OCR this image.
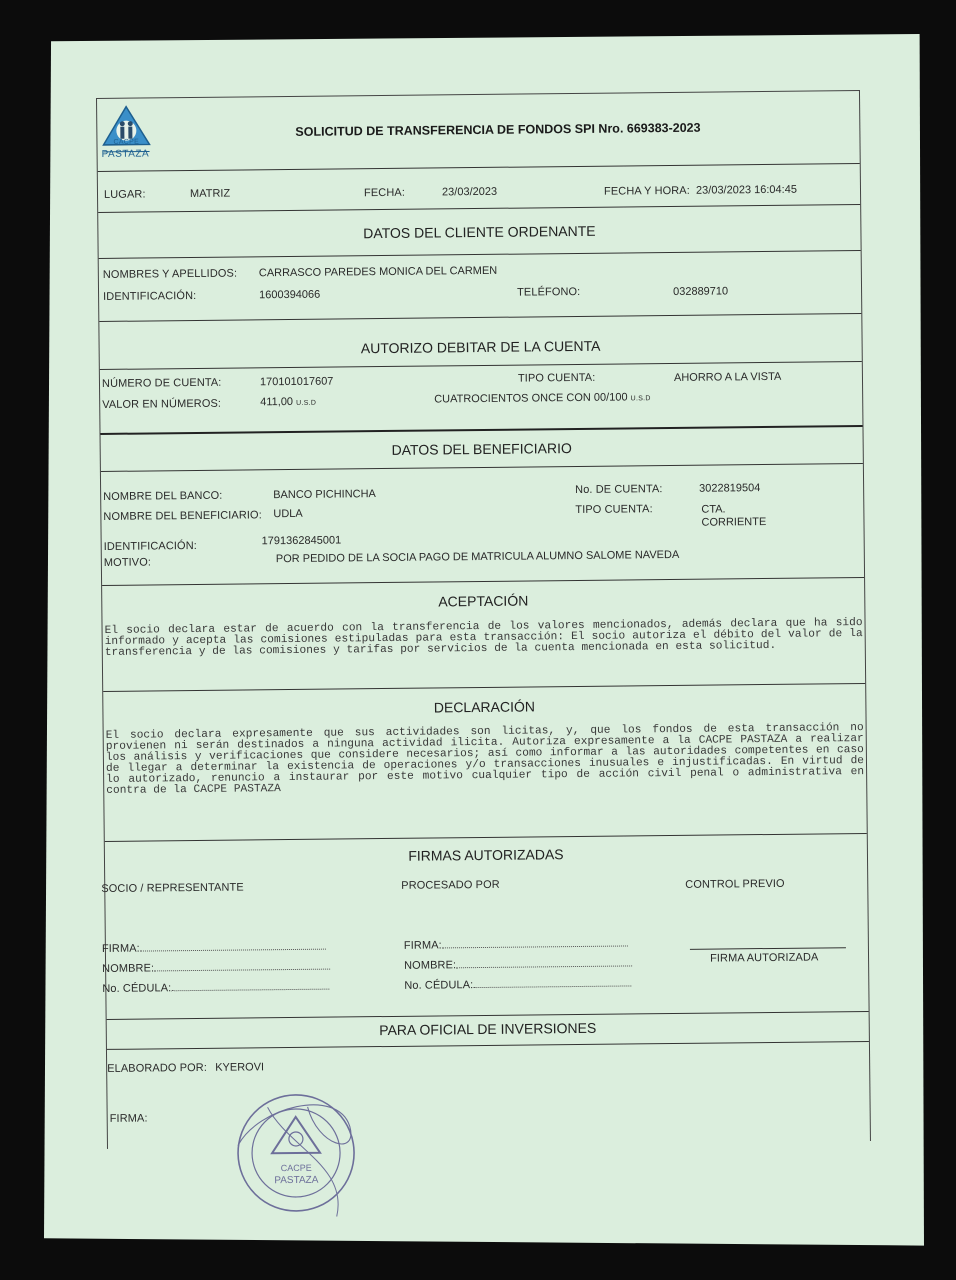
CACPE
PASTAZA
SOLICITUD DE TRANSFERENCIA DE FONDOS SPI Nro. 669383-2023
LUGAR:	MATRIZ	FECHA:	23/03/2023	FECHA Y HORA: 23/03/2023 16:04:45
DATOS DEL CLIENTE ORDENANTE
NOMBRES Y APELLIDOS: CARRASCO PAREDES MONICA DEL CARMEN
IDENTIFICACIÓN:	1600394066	TELÉFONO:	032889710
AUTORIZO DEBITAR DE LA CUENTA
NÚMERO DE CUENTA:	170101017607	TIPO CUENTA:	AHORRO A LA VISTA
VALOR EN NÚMEROS:	411,00 U.S.D	CUATROCIENTOS ONCE CON 00/100 U.S.D
DATOS DEL BENEFICIARIO
NOMBRE DEL BANCO:	BANCO PICHINCHA	No. DE CUENTA:	3022819504
NOMBRE DEL BENEFICIARIO: UDLA	TIPO CUENTA:	CTA.
CORRIENTE
IDENTIFICACIÓN:	1791362845001
MOTIVO:	POR PEDIDO DE LA SOCIA PAGO DE MATRICULA ALUMNO SALOME NAVEDA
ACEPTACIÓN
El socio declara estar de acuerdo con la transferencia de los valores mencionados, además declara que ha sido informado y acepta las comisiones estipuladas para esta transacción: El socio autoriza el débito del valor de la transferencia y de las comisiones y tarifas por servicios de la cuenta mencionada en esta solicitud.
DECLARACIÓN
El socio declara expresamente que sus actividades son licitas, y, que los fondos de esta transacción no provienen ni serán destinados a ninguna actividad ilicita. Autoriza expresamente a la CACPE PASTAZA a realizar los análisis y verificaciones que considere necesarios; así como informar a las autoridades competentes en caso de llegar a determinar la existencia de operaciones y/o transacciones inusuales e injustificadas. En virtud de lo autorizado, renuncio a instaurar por este motivo cualquier tipo de acción civil penal o administrativa en contra de la CACPE PASTAZA
FIRMAS AUTORIZADAS
SOCIO / REPRESENTANTE	PROCESADO POR	CONTROL PREVIO
FIRMA:
NOMBRE:
No. CÉDULA:
FIRMA:
NOMBRE:
No. CÉDULA:
FIRMA AUTORIZADA
PARA OFICIAL DE INVERSIONES
ELABORADO POR: KYEROVI
FIRMA:
CACPE
PASTAZA
